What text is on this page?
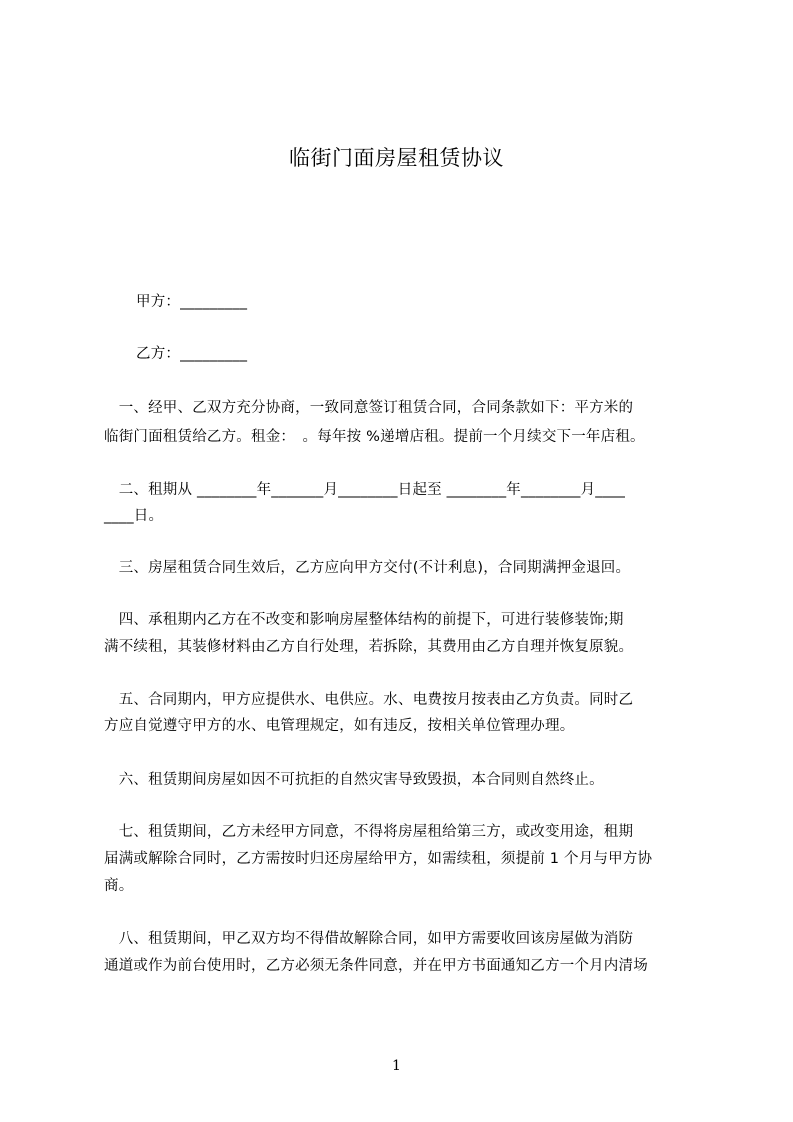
临街门面房屋租赁协议
甲方：_________
乙方：_________
　一、经甲、乙双方充分协商，一致同意签订租赁合同，合同条款如下：平方米的
临街门面租赁给乙方。租金：　。每年按 %递增店租。提前一个月续交下一年店租。
　二、租期从 ________年_______月________日起至 ________年________月____
____日。
　三、房屋租赁合同生效后，乙方应向甲方交付(不计利息)，合同期满押金退回。
　四、承租期内乙方在不改变和影响房屋整体结构的前提下，可进行装修装饰;期
满不续租，其装修材料由乙方自行处理，若拆除，其费用由乙方自理并恢复原貌。
　五、合同期内，甲方应提供水、电供应。水、电费按月按表由乙方负责。同时乙
方应自觉遵守甲方的水、电管理规定，如有违反，按相关单位管理办理。
　六、租赁期间房屋如因不可抗拒的自然灾害导致毁损，本合同则自然终止。
　七、租赁期间，乙方未经甲方同意，不得将房屋租给第三方，或改变用途，租期
届满或解除合同时，乙方需按时归还房屋给甲方，如需续租，须提前 1 个月与甲方协
商。
　八、租赁期间，甲乙双方均不得借故解除合同，如甲方需要收回该房屋做为消防
通道或作为前台使用时，乙方必须无条件同意，并在甲方书面通知乙方一个月内清场
1
